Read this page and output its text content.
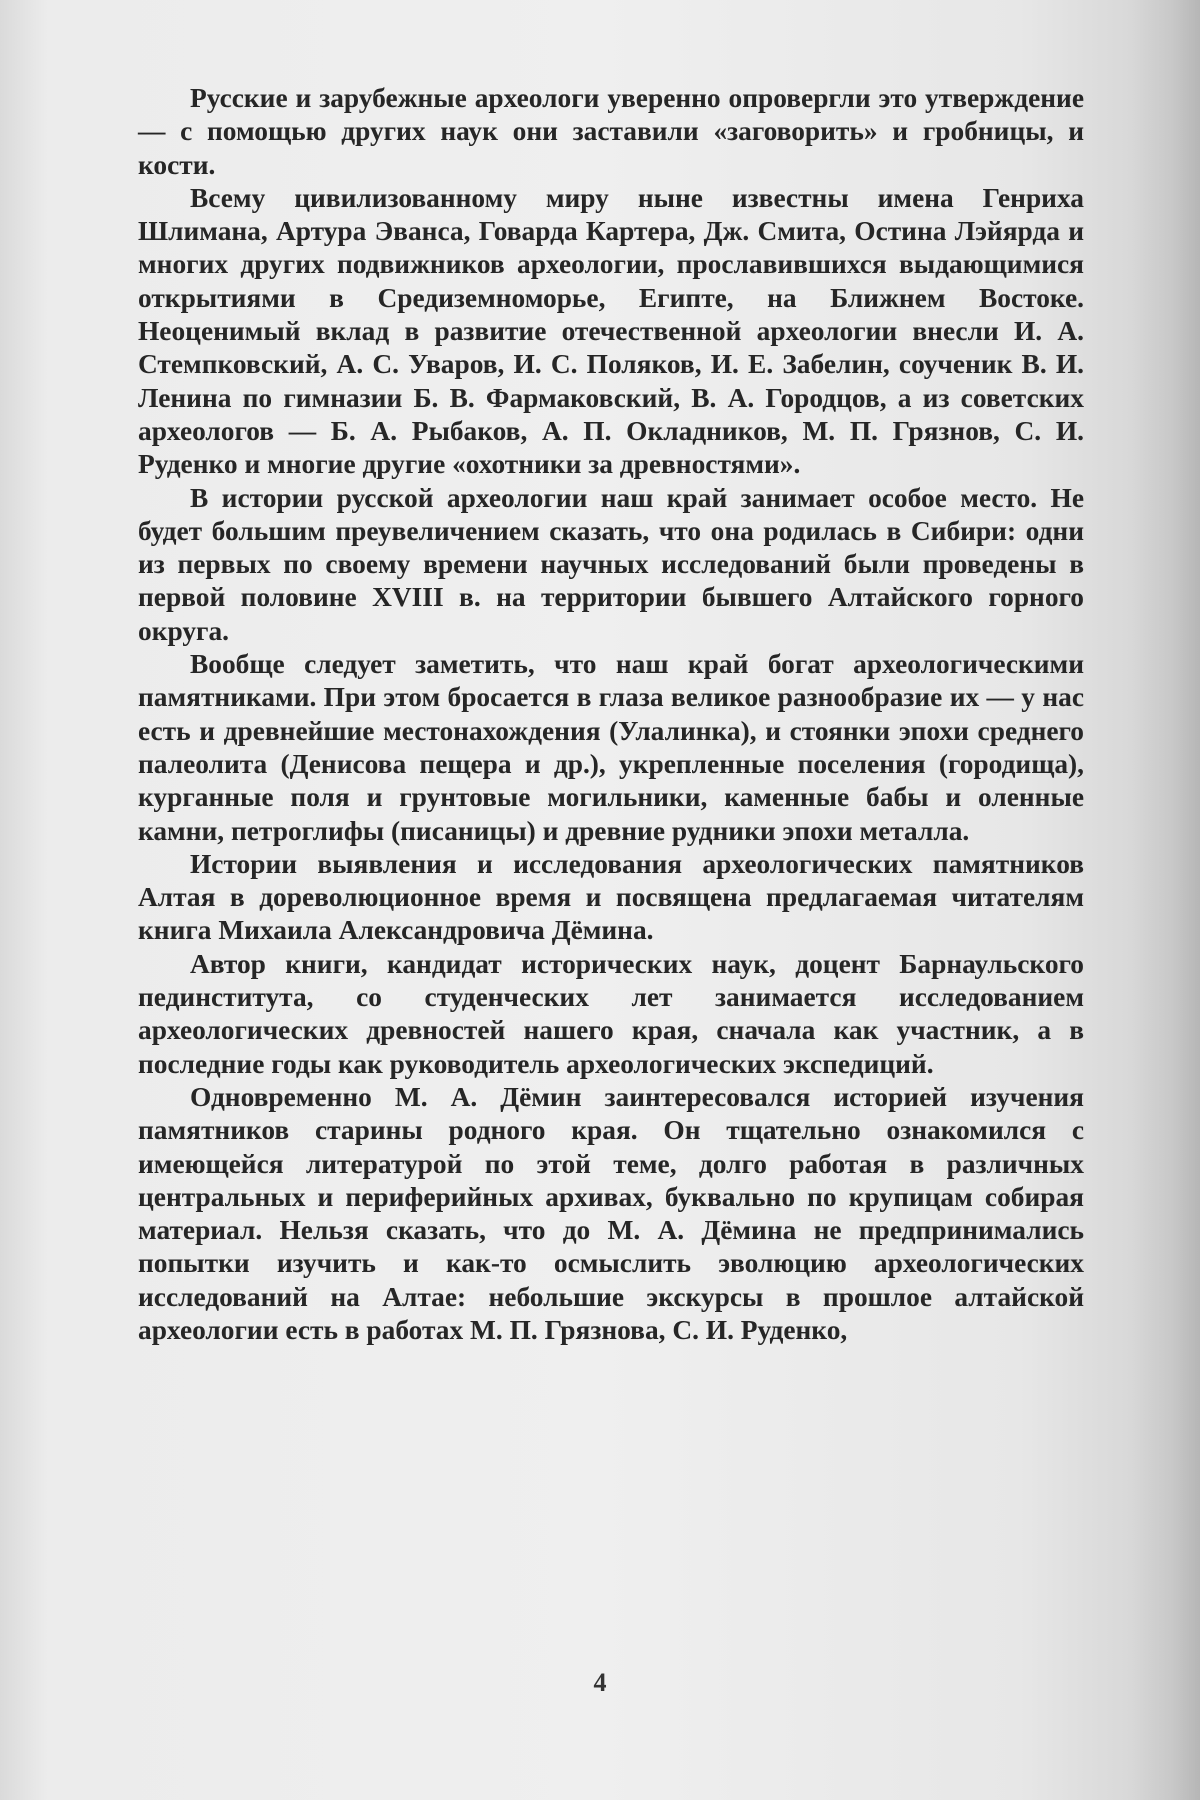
Русские и зарубежные археологи уверенно опровергли это утверждение — с помощью других наук они заставили «заговорить» и гробницы, и кости.

Всему цивилизованному миру ныне известны имена Генриха Шлимана, Артура Эванса, Говарда Картера, Дж. Смита, Остина Лэйярда и многих других подвижников археологии, прославившихся выдающимися открытиями в Средиземноморье, Египте, на Ближнем Востоке. Неоценимый вклад в развитие отечественной археологии внесли И. А. Стемпковский, А. С. Уваров, И. С. Поляков, И. Е. Забелин, соученик В. И. Ленина по гимназии Б. В. Фармаковский, В. А. Городцов, а из советских археологов — Б. А. Рыбаков, А. П. Окладников, М. П. Грязнов, С. И. Руденко и многие другие «охотники за древностями».

В истории русской археологии наш край занимает особое место. Не будет большим преувеличением сказать, что она родилась в Сибири: одни из первых по своему времени научных исследований были проведены в первой половине XVIII в. на территории бывшего Алтайского горного округа.

Вообще следует заметить, что наш край богат археологическими памятниками. При этом бросается в глаза великое разнообразие их — у нас есть и древнейшие местонахождения (Улалинка), и стоянки эпохи среднего палеолита (Денисова пещера и др.), укрепленные поселения (городища), курганные поля и грунтовые могильники, каменные бабы и оленные камни, петроглифы (писаницы) и древние рудники эпохи металла.

Истории выявления и исследования археологических памятников Алтая в дореволюционное время и посвящена предлагаемая читателям книга Михаила Александровича Дёмина.

Автор книги, кандидат исторических наук, доцент Барнаульского пединститута, со студенческих лет занимается исследованием археологических древностей нашего края, сначала как участник, а в последние годы как руководитель археологических экспедиций.

Одновременно М. А. Дёмин заинтересовался историей изучения памятников старины родного края. Он тщательно ознакомился с имеющейся литературой по этой теме, долго работая в различных центральных и периферийных архивах, буквально по крупицам собирая материал. Нельзя сказать, что до М. А. Дёмина не предпринимались попытки изучить и как-то осмыслить эволюцию археологических исследований на Алтае: небольшие экскурсы в прошлое алтайской археологии есть в работах М. П. Грязнова, С. И. Руденко,

4
